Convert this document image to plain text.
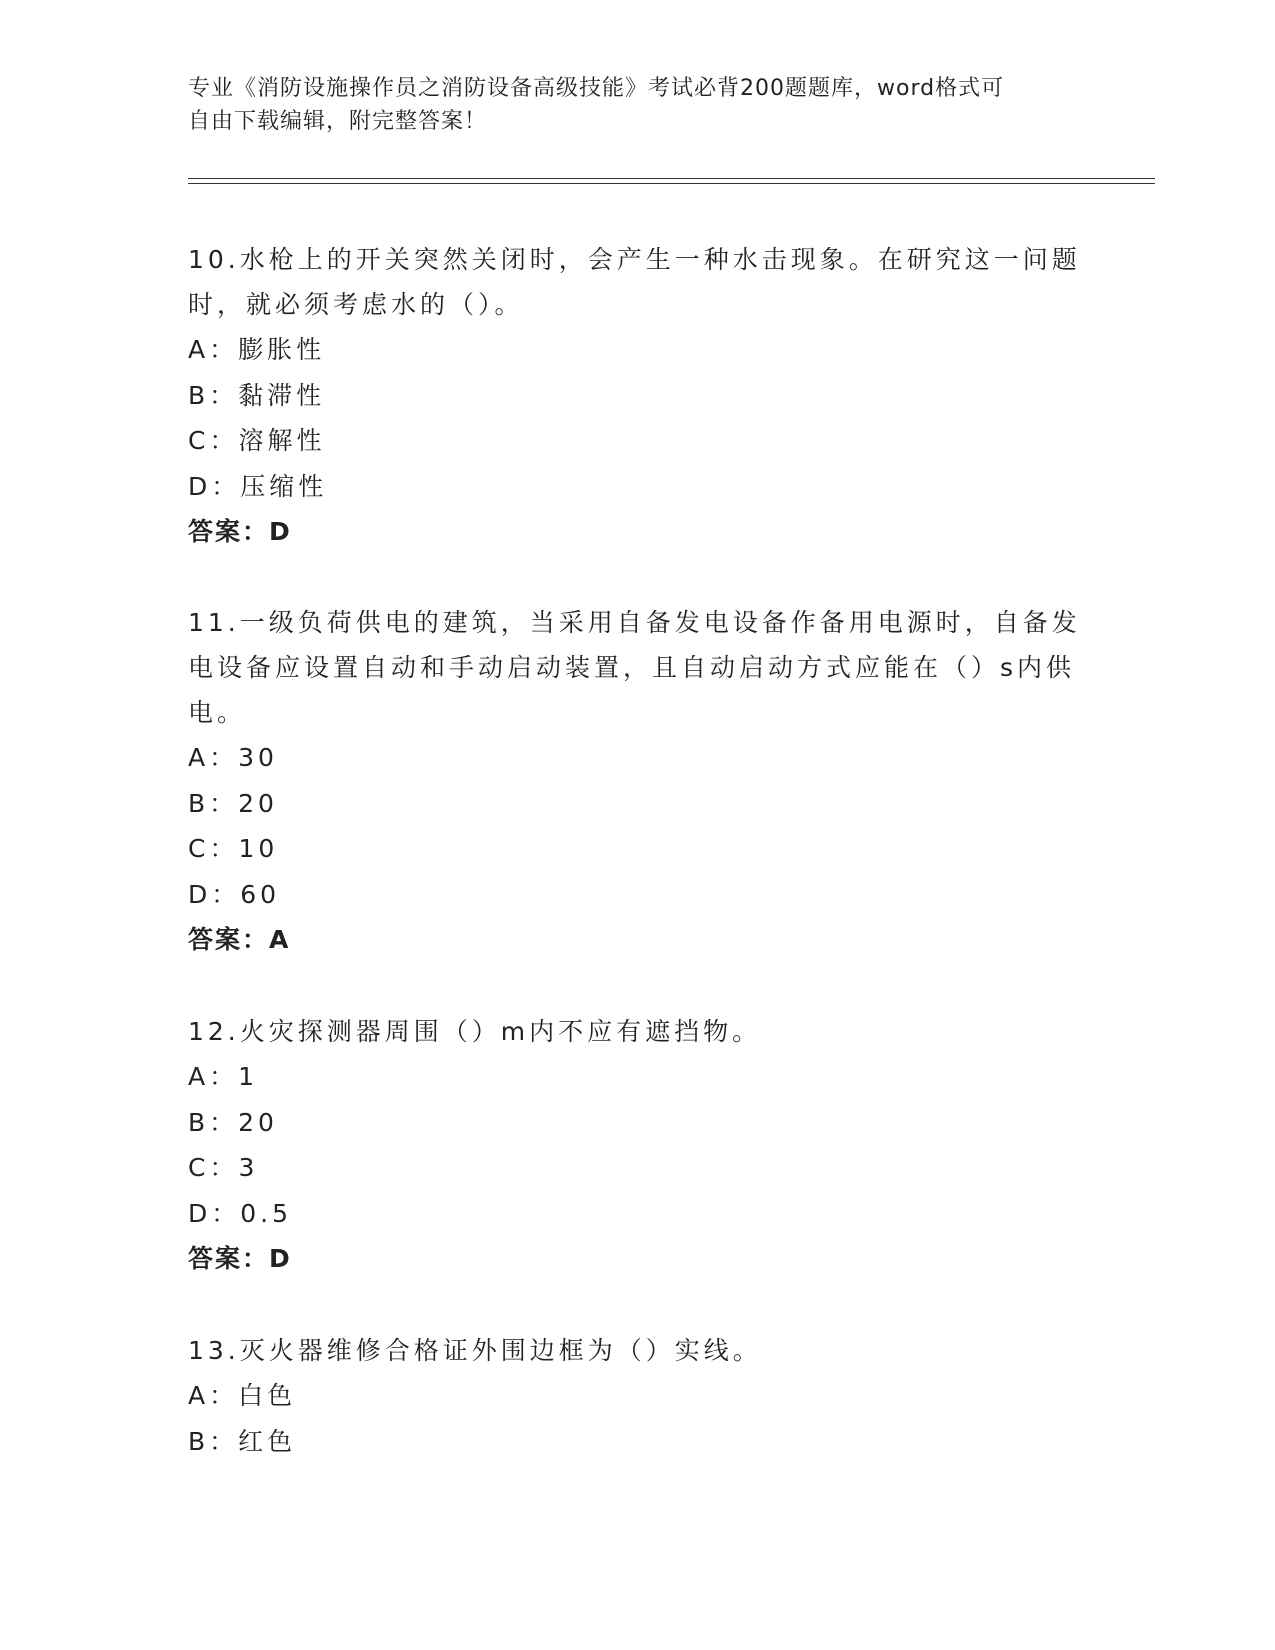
专业《消防设施操作员之消防设备高级技能》考试必背200题题库，word格式可
自由下载编辑，附完整答案！

10.水枪上的开关突然关闭时，会产生一种水击现象。在研究这一问题

时，就必须考虑水的（）。

A：膨胀性

B：黏滞性

C：溶解性

D：压缩性

答案：D

11.一级负荷供电的建筑，当采用自备发电设备作备用电源时，自备发

电设备应设置自动和手动启动装置，且自动启动方式应能在（）s内供

电。

A：30

B：20

C：10

D：60

答案：A

12.火灾探测器周围（）m内不应有遮挡物。

A：1

B：20

C：3

D：0.5

答案：D

13.灭火器维修合格证外围边框为（）实线。

A：白色

B：红色
